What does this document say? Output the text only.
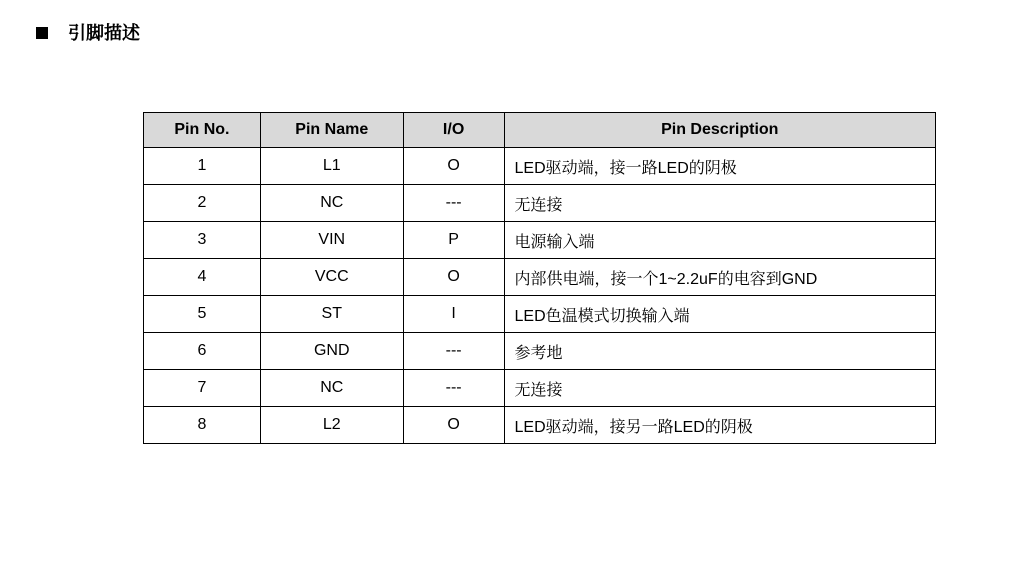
引脚描述
Pin No.	Pin Name	I/O	Pin Description
1	L1	O	LED驱动端，接一路LED的阴极
2	NC	---	无连接
3	VIN	P	电源输入端
4	VCC	O	内部供电端，接一个1~2.2uF的电容到GND
5	ST	I	LED色温模式切换输入端
6	GND	---	参考地
7	NC	---	无连接
8	L2	O	LED驱动端，接另一路LED的阴极
